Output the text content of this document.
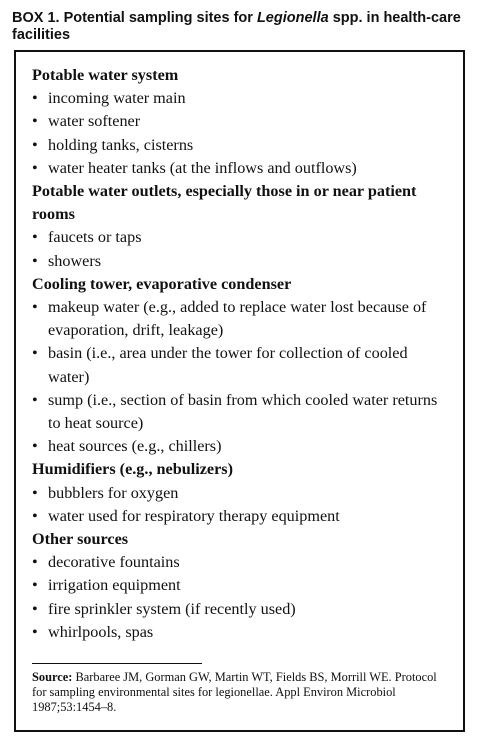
BOX 1. Potential sampling sites for Legionella spp. in health-care facilities

Potable water system

• incoming water main
• water softener
• holding tanks, cisterns
• water heater tanks (at the inflows and outflows)

Potable water outlets, especially those in or near patient rooms

• faucets or taps
• showers

Cooling tower, evaporative condenser

• makeup water (e.g., added to replace water lost because of evaporation, drift, leakage)
• basin (i.e., area under the tower for collection of cooled water)
• sump (i.e., section of basin from which cooled water returns to heat source)
• heat sources (e.g., chillers)

Humidifiers (e.g., nebulizers)

• bubblers for oxygen
• water used for respiratory therapy equipment

Other sources

• decorative fountains
• irrigation equipment
• fire sprinkler system (if recently used)
• whirlpools, spas
Source: Barbaree JM, Gorman GW, Martin WT, Fields BS, Morrill WE. Protocol for sampling environmental sites for legionellae. Appl Environ Microbiol 1987;53:1454–8.
